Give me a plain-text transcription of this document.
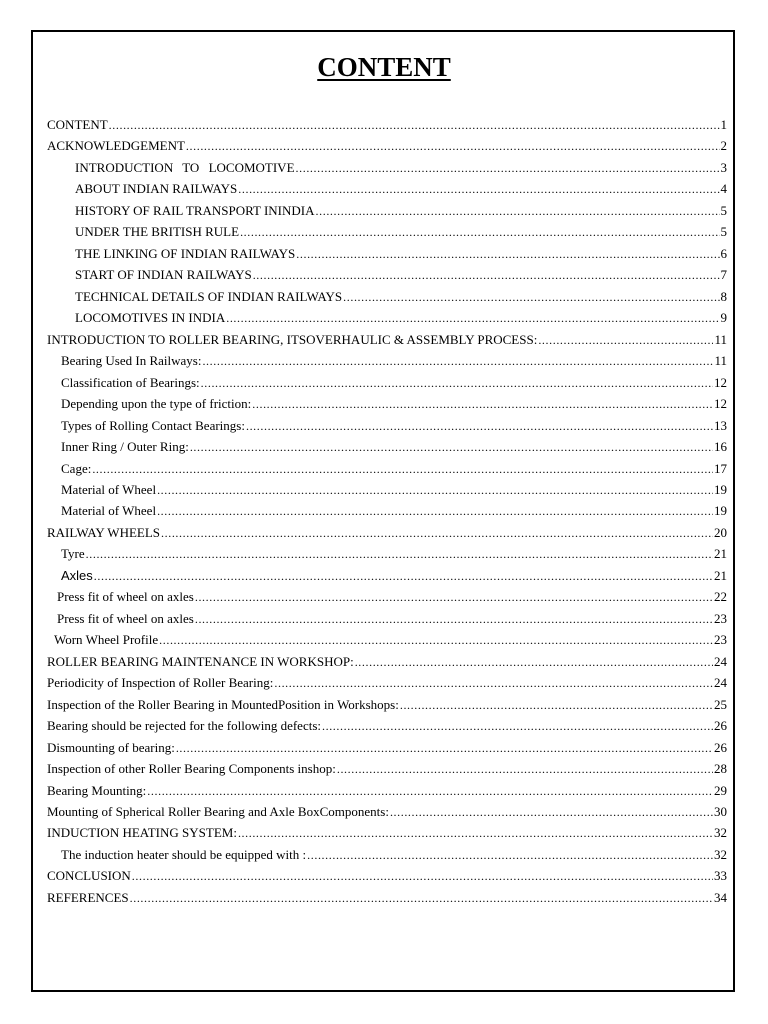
CONTENT
CONTENT .....	1
ACKNOWLEDGEMENT .....	2
INTRODUCTION TO LOCOMOTIVE .....	3
ABOUT INDIAN RAILWAYS .....	4
HISTORY OF RAIL TRANSPORT ININDIA .....	5
UNDER THE BRITISH RULE .....	5
THE LINKING OF INDIAN RAILWAYS .....	6
START OF INDIAN RAILWAYS .....	7
TECHNICAL DETAILS OF INDIAN RAILWAYS .....	8
LOCOMOTIVES IN INDIA .....	9
INTRODUCTION TO ROLLER BEARING, ITSOVERHAULIC & ASSEMBLY PROCESS: .....	11
Bearing Used In Railways: .....	11
Classification of Bearings: .....	12
Depending upon the type of friction: .....	12
Types of Rolling Contact Bearings: .....	13
Inner Ring / Outer Ring: .....	16
Cage: .....	17
Material of Wheel .....	19
Material of Wheel .....	19
RAILWAY WHEELS .....	20
Tyre .....	21
Axles .....	21
Press fit of wheel on axles .....	22
Press fit of wheel on axles .....	23
Worn Wheel Profile .....	23
ROLLER BEARING MAINTENANCE IN WORKSHOP: .....	24
Periodicity of Inspection of Roller Bearing: .....	24
Inspection of the Roller Bearing in MountedPosition in Workshops: .....	25
Bearing should be rejected for the following defects: .....	26
Dismounting of bearing: .....	26
Inspection of other Roller Bearing Components inshop: .....	28
Bearing Mounting: .....	29
Mounting of Spherical Roller Bearing and Axle BoxComponents: .....	30
INDUCTION HEATING SYSTEM: .....	32
The induction heater should be equipped with : .....	32
CONCLUSION .....	33
REFERENCES .....	34
